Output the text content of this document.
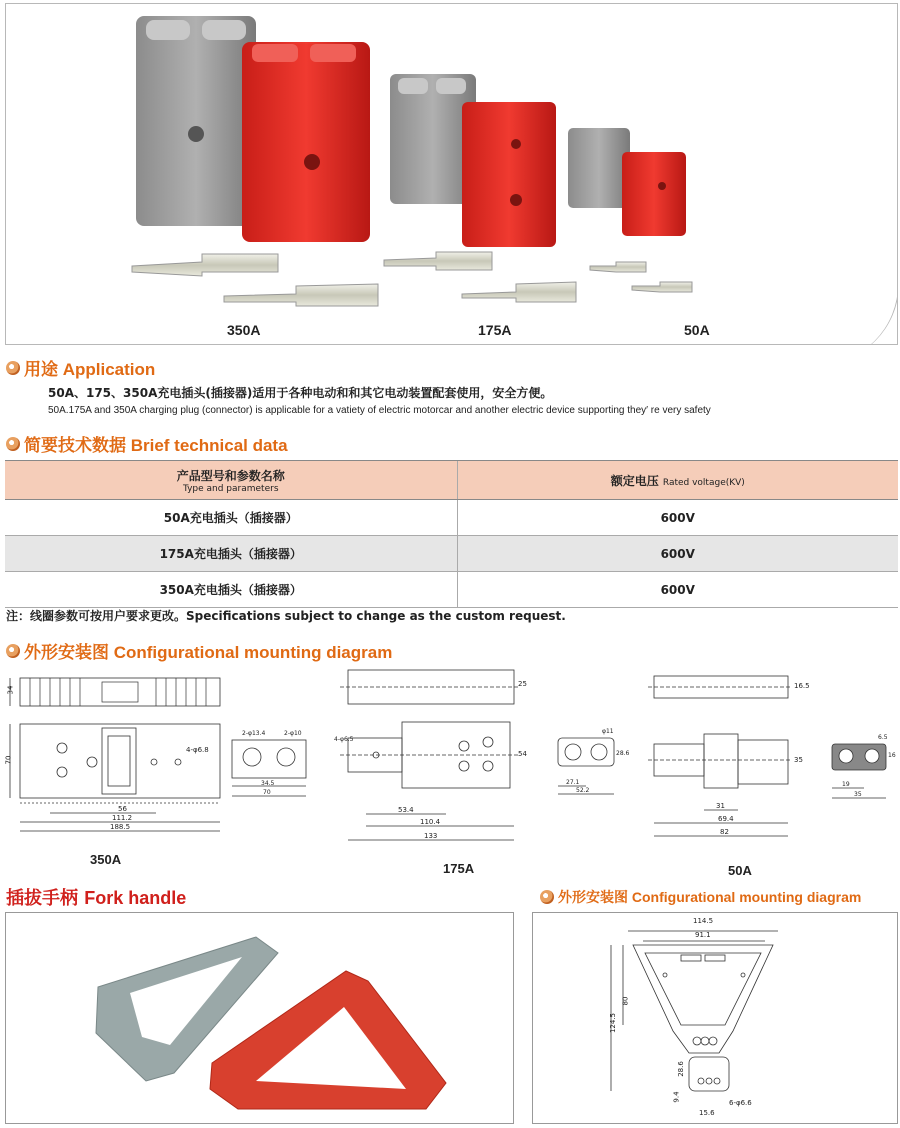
350A	175A	50A
用途 Application
50A、175、350A充电插头(插接器)适用于各种电动和和其它电动装置配套使用，安全方便。
50A.175A and 350A charging plug (connector) is applicable for a vatiety of electric motorcar and another electric device supporting they′ re very safety
简要技术数据 Brief technical data
产品型号和参数名称
Type and parameters	额定电压 Rated voltage(KV)
50A充电插头（插接器）	600V
175A充电插头（插接器）	600V
350A充电插头（插接器）	600V
注：线圈参数可按用户要求更改。Specifications subject to change as the custom request.
外形安装图 Configurational mounting diagram
34
70
56
111.2
188.5
4-φ6.8
2-φ13.4	2-φ10
34.5
70
350A
25
4-φ6.5
54
53.4
110.4
133
φ11
28.6
27.1
52.2
175A
16.5
35
31
69.4
82
6.5
16
19
35
50A
插拔手柄 Fork handle	外形安装图 Configurational mounting diagram
114.5
91.1
80
124.5
28.6
9.4
15.6
6-φ6.6
